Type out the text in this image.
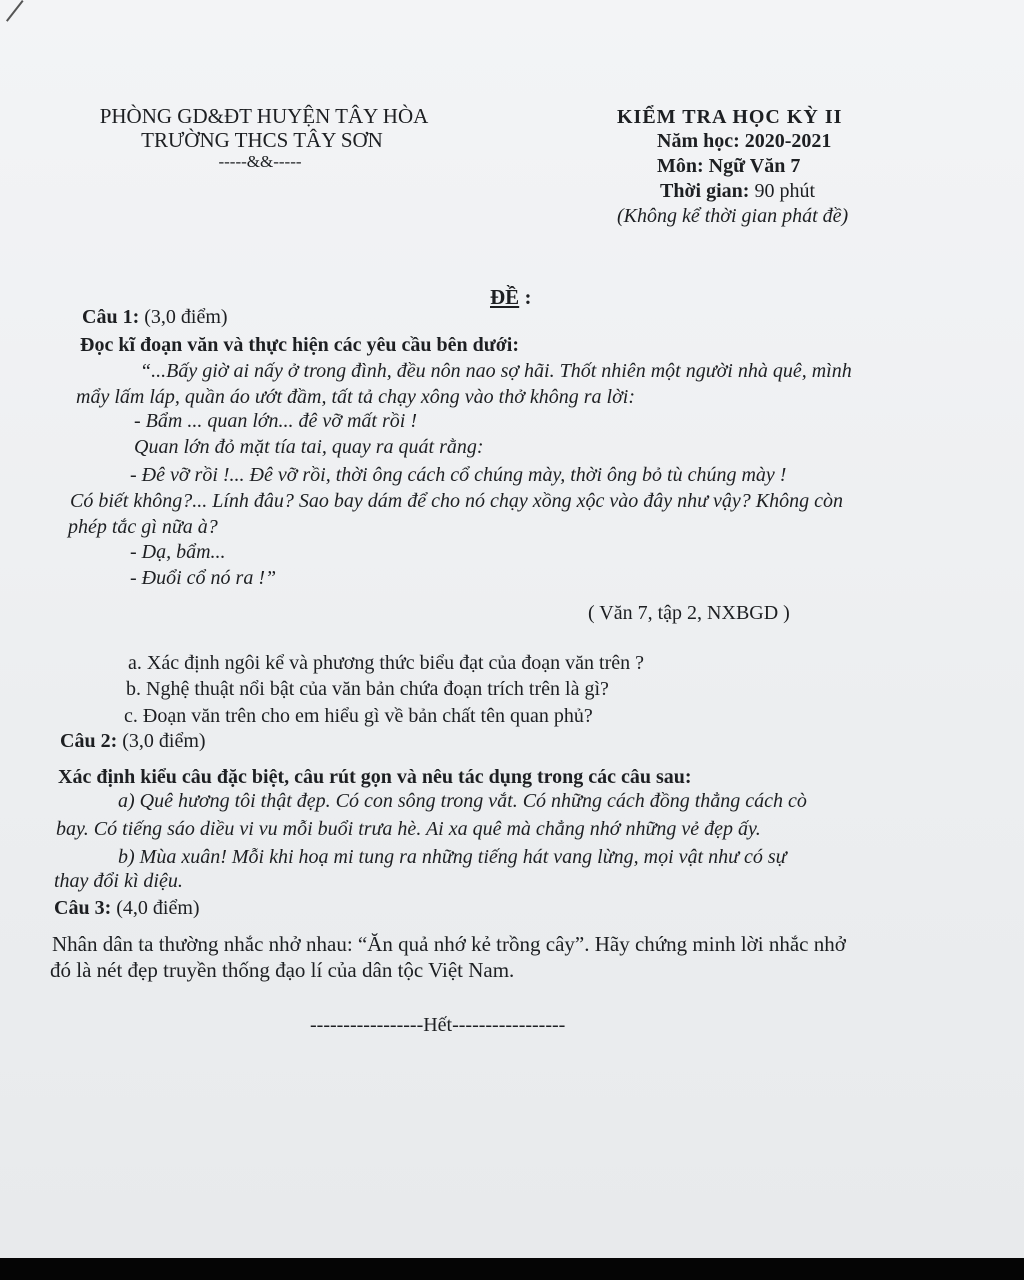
PHÒNG GD&ĐT HUYỆN TÂY HÒA
TRƯỜNG THCS TÂY SƠN
-----&&-----
KIỂM TRA HỌC KỲ II
Năm học: 2020-2021
Môn: Ngữ Văn 7
Thời gian: 90 phút
(Không kể thời gian phát đề)
ĐỀ :
Câu 1: (3,0 điểm)
Đọc kĩ đoạn văn và thực hiện các yêu cầu bên dưới:
“...Bấy giờ ai nấy ở trong đình, đều nôn nao sợ hãi. Thốt nhiên một người nhà quê, mình
mẩy lấm láp, quần áo ướt đầm, tất tả chạy xông vào thở không ra lời:
- Bẩm ... quan lớn... đê vỡ mất rồi !
Quan lớn đỏ mặt tía tai, quay ra quát rằng:
- Đê vỡ rồi !... Đê vỡ rồi, thời ông cách cổ chúng mày, thời ông bỏ tù chúng mày !
Có biết không?... Lính đâu? Sao bay dám để cho nó chạy xồng xộc vào đây như vậy? Không còn
phép tắc gì nữa à?
- Dạ, bẩm...
- Đuổi cổ nó ra !”
( Văn 7, tập 2, NXBGD )
a. Xác định ngôi kể và phương thức biểu đạt của đoạn văn trên ?
b. Nghệ thuật nổi bật của văn bản chứa đoạn trích trên là gì?
c. Đoạn văn trên cho em hiểu gì về bản chất tên quan phủ?
Câu 2: (3,0 điểm)
Xác định kiểu câu đặc biệt, câu rút gọn và nêu tác dụng trong các câu sau:
a) Quê hương tôi thật đẹp. Có con sông trong vắt. Có những cách đồng thẳng cách cò
bay. Có tiếng sáo diều vi vu mỗi buổi trưa hè. Ai xa quê mà chẳng nhớ những vẻ đẹp ấy.
b) Mùa xuân! Mỗi khi hoạ mi tung ra những tiếng hát vang lừng, mọi vật như có sự
thay đổi kì diệu.
Câu 3: (4,0 điểm)
Nhân dân ta thường nhắc nhở nhau: “Ăn quả nhớ kẻ trồng cây”. Hãy chứng minh lời nhắc nhở
đó là nét đẹp truyền thống đạo lí của dân tộc Việt Nam.
-----------------Hết-----------------
